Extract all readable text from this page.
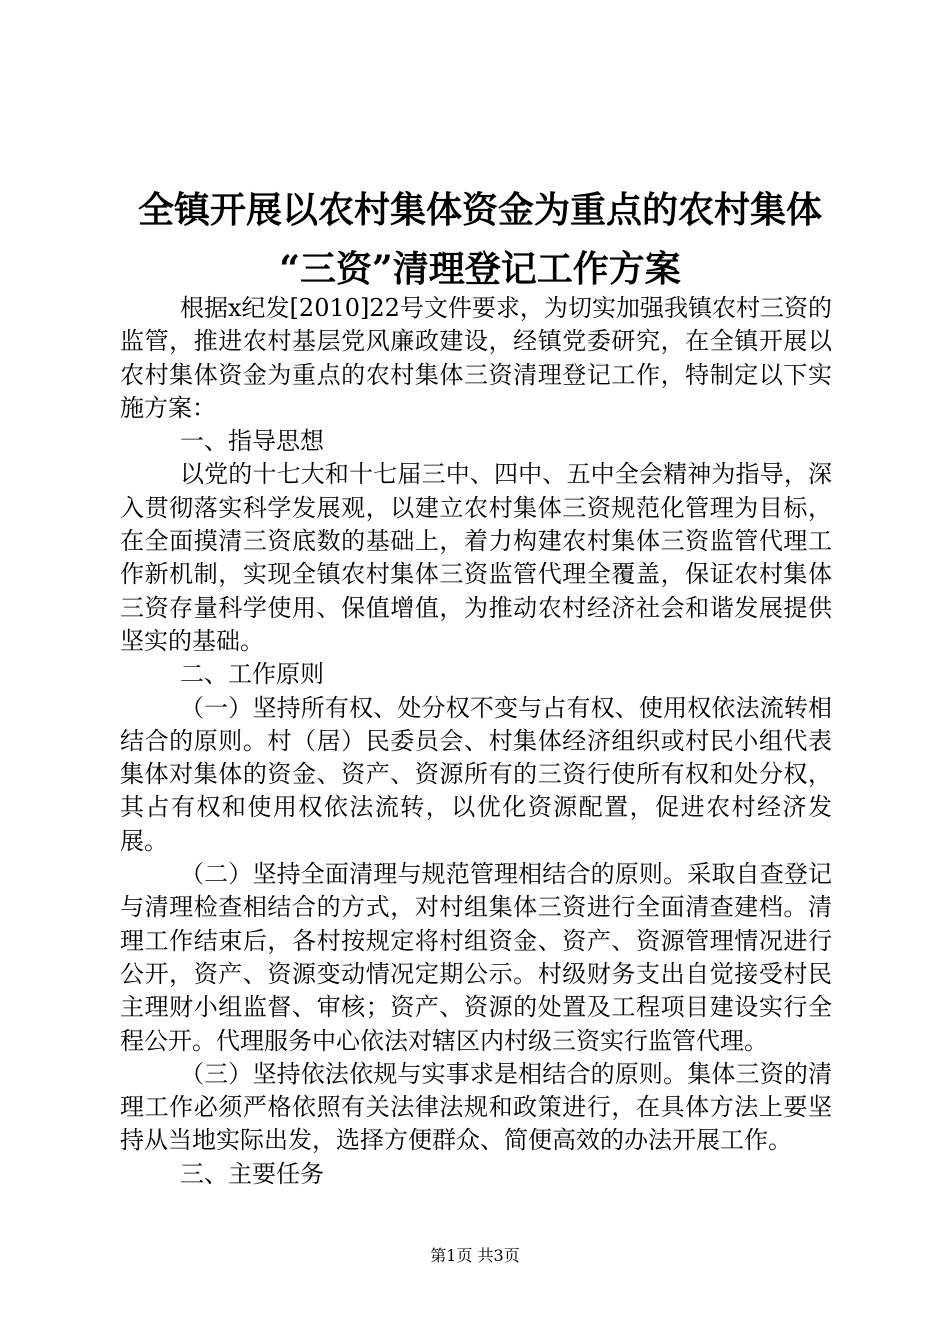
全镇开展以农村集体资金为重点的农村集体
“三资”清理登记工作方案

根据x纪发[2010]22号文件要求，为切实加强我镇农村三资的监管，推进农村基层党风廉政建设，经镇党委研究，在全镇开展以农村集体资金为重点的农村集体三资清理登记工作，特制定以下实施方案：

一、指导思想

以党的十七大和十七届三中、四中、五中全会精神为指导，深入贯彻落实科学发展观，以建立农村集体三资规范化管理为目标，在全面摸清三资底数的基础上，着力构建农村集体三资监管代理工作新机制，实现全镇农村集体三资监管代理全覆盖，保证农村集体三资存量科学使用、保值增值，为推动农村经济社会和谐发展提供坚实的基础。

二、工作原则

（一）坚持所有权、处分权不变与占有权、使用权依法流转相结合的原则。村（居）民委员会、村集体经济组织或村民小组代表集体对集体的资金、资产、资源所有的三资行使所有权和处分权，其占有权和使用权依法流转，以优化资源配置，促进农村经济发展。

（二）坚持全面清理与规范管理相结合的原则。采取自查登记与清理检查相结合的方式，对村组集体三资进行全面清查建档。清理工作结束后，各村按规定将村组资金、资产、资源管理情况进行公开，资产、资源变动情况定期公示。村级财务支出自觉接受村民主理财小组监督、审核；资产、资源的处置及工程项目建设实行全程公开。代理服务中心依法对辖区内村级三资实行监管代理。

（三）坚持依法依规与实事求是相结合的原则。集体三资的清理工作必须严格依照有关法律法规和政策进行，在具体方法上要坚持从当地实际出发，选择方便群众、简便高效的办法开展工作。

三、主要任务

第1页 共3页
